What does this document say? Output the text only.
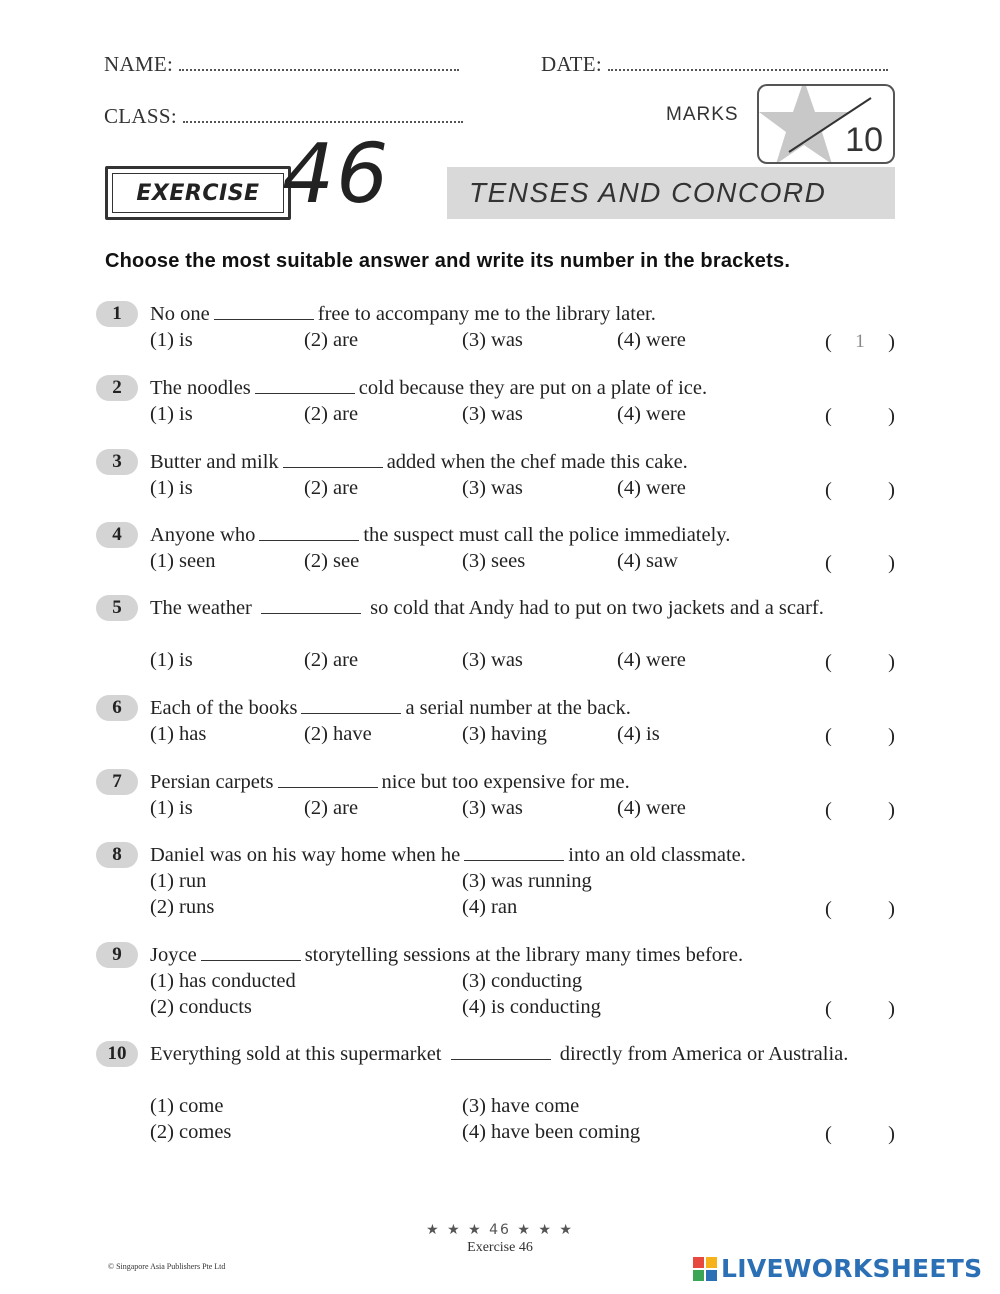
NAME:	DATE:
CLASS:	MARKS
10
EXERCISE 46	TENSES AND CONCORD
Choose the most suitable answer and write its number in the brackets.
1	No one	free to accompany me to the library later.
(1) is	(2) are	(3) was	(4) were	(	1	)
2	The noodles	cold because they are put on a plate of ice.
(1) is	(2) are	(3) was	(4) were	(	)
3	Butter and milk	added when the chef made this cake.
(1) is	(2) are	(3) was	(4) were	(	)
4	Anyone who	the suspect must call the police immediately.
(1) seen	(2) see	(3) sees	(4) saw	(	)
5	The weather	so cold that Andy had to put on two jackets and a scarf.
(1) is	(2) are	(3) was	(4) were	(	)
6	Each of the books	a serial number at the back.
(1) has	(2) have	(3) having	(4) is	(	)
7	Persian carpets	nice but too expensive for me.
(1) is	(2) are	(3) was	(4) were	(	)
8	Daniel was on his way home when he	into an old classmate.
(1) run
(2) runs
(3) was running
(4) ran	(	)
9	Joyce	storytelling sessions at the library many times before.
(1) has conducted
(2) conducts
(3) conducting
(4) is conducting	(	)
10	Everything sold at this supermarket	directly from America or Australia.
(1) come
(2) comes
(3) have come
(4) have been coming	(	)
★ ★ ★ 46 ★ ★ ★
Exercise 46
© Singapore Asia Publishers Pte Ltd	LIVEWORKSHEETS
